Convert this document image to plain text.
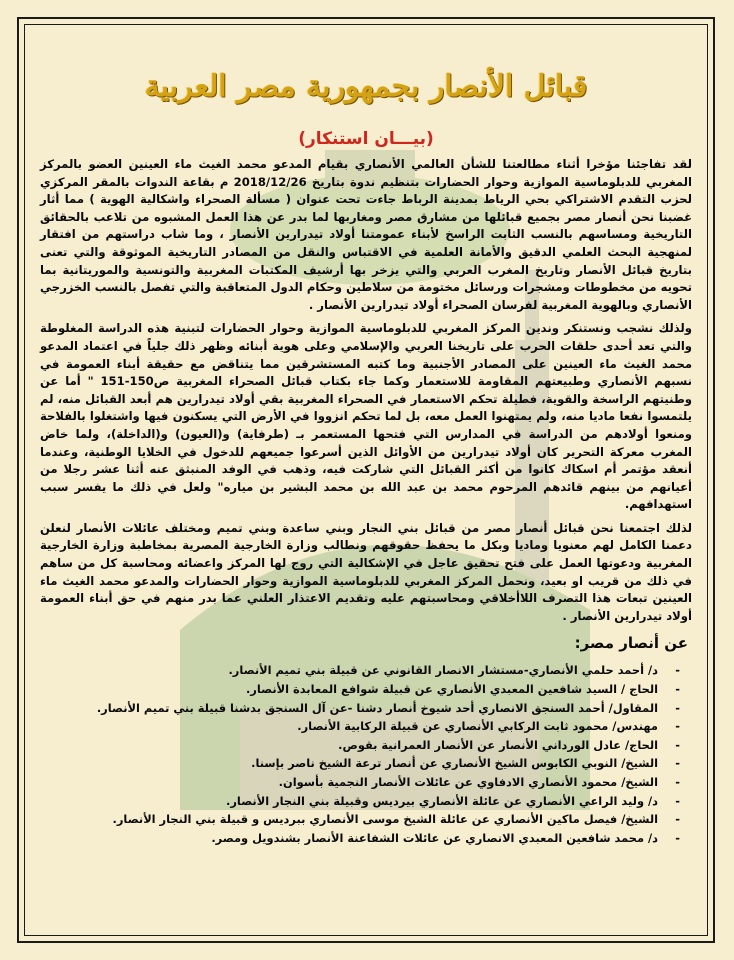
قبائل الأنصار بجمهورية مصر العربية
(بيـــان استنكار)

لقد تفاجئنا مؤخرا أثناء مطالعتنا للشأن العالمي الأنصاري بقيام المدعو محمد الغيث ماء العينين العضو بالمركز المغربي للدبلوماسية الموازية وحوار الحضارات بتنظيم ندوة بتاريخ 2018/12/26 م بقاعة الندوات بالمقر المركزي لحزب التقدم الاشتراكي بحي الرياط بمدينة الرباط جاءت تحت عنوان ( مسألة الصحراء واشكالية الهوية ) مما أثار غضبنا نحن أنصار مصر بجميع قبائلها من مشارق مصر ومغاربها لما بدر عن هذا العمل المشبوه من تلاعب بالحقائق التاريخية ومساسهم بالنسب الثابت الراسخ لأبناء عمومتنا أولاد تيدرارين الأنصار ، وما شاب دراستهم من افتقار لمنهجية البحث العلمي الدقيق والأمانة العلمية في الاقتباس والنقل من المصادر التاريخية الموثوقة والتي تعنى بتاريخ قبائل الأنصار وتاريخ المغرب العربي والتي يزخر بها أرشيف المكتبات المغربية والتونسية والموريتانية بما تحويه من مخطوطات ومشجرات ورسائل مختومة من سلاطين وحكام الدول المتعاقبة والتي تفصل بالنسب الخزرجي الأنصاري وبالهوية المغربية لفرسان الصحراء أولاد تيدرارين الأنصار .

ولذلك نشجب ونستنكر وندين المركز المغربي للدبلوماسية الموازية وحوار الحضارات لتبنية هذه الدراسة المغلوطة والتي تعد أحدى حلقات الحرب على تاريخنا العربي والإسلامي وعلى هوية أبنائه وظهر ذلك جلياً في اعتماد المدعو محمد الغيث ماء العينين على المصادر الأجنبية وما كتبه المستشرقين مما يتناقض مع حقيقة أبناء العمومة في نسبهم الأنصاري وطبيعتهم المقاومة للاستعمار وكما جاء بكتاب قبائل الصحراء المغربية ص150-151 " أما عن وطنيتهم الراسخة والقوية، فطيلة تحكم الاستعمار في الصحراء المغربية بقي أولاد تيدرارين هم أبعد القبائل منه، لم يلتمسوا نفعا ماديا منه، ولم يمتهنوا العمل معه، بل لما تحكم انزووا في الأرض التي يسكنون فيها واشتغلوا بالفلاحة ومنعوا أولادهم من الدراسة في المدارس التي فتحها المستعمر بـ (طرفاية) و(العيون) و(الداخلة)، ولما خاض المغرب معركة التحرير كان أولاد تيدرارين من الأوائل الذين أسرعوا جميعهم للدخول في الخلايا الوطنية، وعندما أنعقد مؤتمر أم اسكاك كانوا من أكثر القبائل التي شاركت فيه، وذهب في الوفد المنبثق عنه أثنا عشر رجلا من أعيانهم من بينهم قائدهم المرحوم محمد بن عبد الله بن محمد البشير بن مياره" ولعل في ذلك ما يفسر سبب استهدافهم.

لذلك اجتمعنا نحن قبائل أنصار مصر من قبائل بني النجار وبني ساعدة وبني تميم ومختلف عائلات الأنصار لنعلن دعمنا الكامل لهم معنويا وماديا وبكل ما يحفظ حقوقهم ونطالب وزارة الخارجية المصرية بمخاطبة وزارة الخارجية المغربية ودعوتها العمل على فتح تحقيق عاجل في الإشكالية التي روج لها المركز واعضائه ومحاسبة كل من ساهم في ذلك من قريب او بعيد، ونحمل المركز المغربي للدبلوماسية الموازية وحوار الحضارات والمدعو محمد الغيث ماء العينين تبعات هذا التصرف اللاأخلاقي ومحاسبتهم عليه وتقديم الاعتذار العلني عما بدر منهم في حق أبناء العمومة أولاد تيدرارين الأنصار .

عن أنصار مصر:
-
د/ أحمد حلمي الأنصاري-مستشار الانصار القانوني عن قبيلة بني تميم الأنصار.
-
الحاج / السيد شافعين المعبدي الأنصاري عن قبيلة شوافع المعابدة الأنصار.
-
المقاول/ أحمد السنجق الانصاري أحد شيوخ أنصار دشنا -عن آل السنجق بدشنا قبيلة بني تميم الأنصار.
-
مهندس/ محمود ثابت الركابي الأنصاري عن قبيلة الركابية الأنصار.
-
الحاج/ عادل الورداني الأنصار عن الأنصار العمرانية بقوص.
-
الشيخ/ النوبي الكابوس الشيخ الأنصاري عن أنصار ترعة الشيخ ناصر بإسنا.
-
الشيخ/ محمود الأنصاري الادفاوي عن عائلات الأنصار النجمية بأسوان.
-
د/ وليد الراعي الأنصاري عن عائلة الأنصاري بيرديس وقبيلة بني النجار الأنصار.
-
الشيخ/ فيصل ماكين الأنصاري عن عائلة الشيخ موسى الأنصاري ببرديس و قبيلة بني النجار الأنصار.
-
د/ محمد شافعين المعبدي الانصاري عن عائلات الشفاعنة الأنصار بشندويل ومصر.
